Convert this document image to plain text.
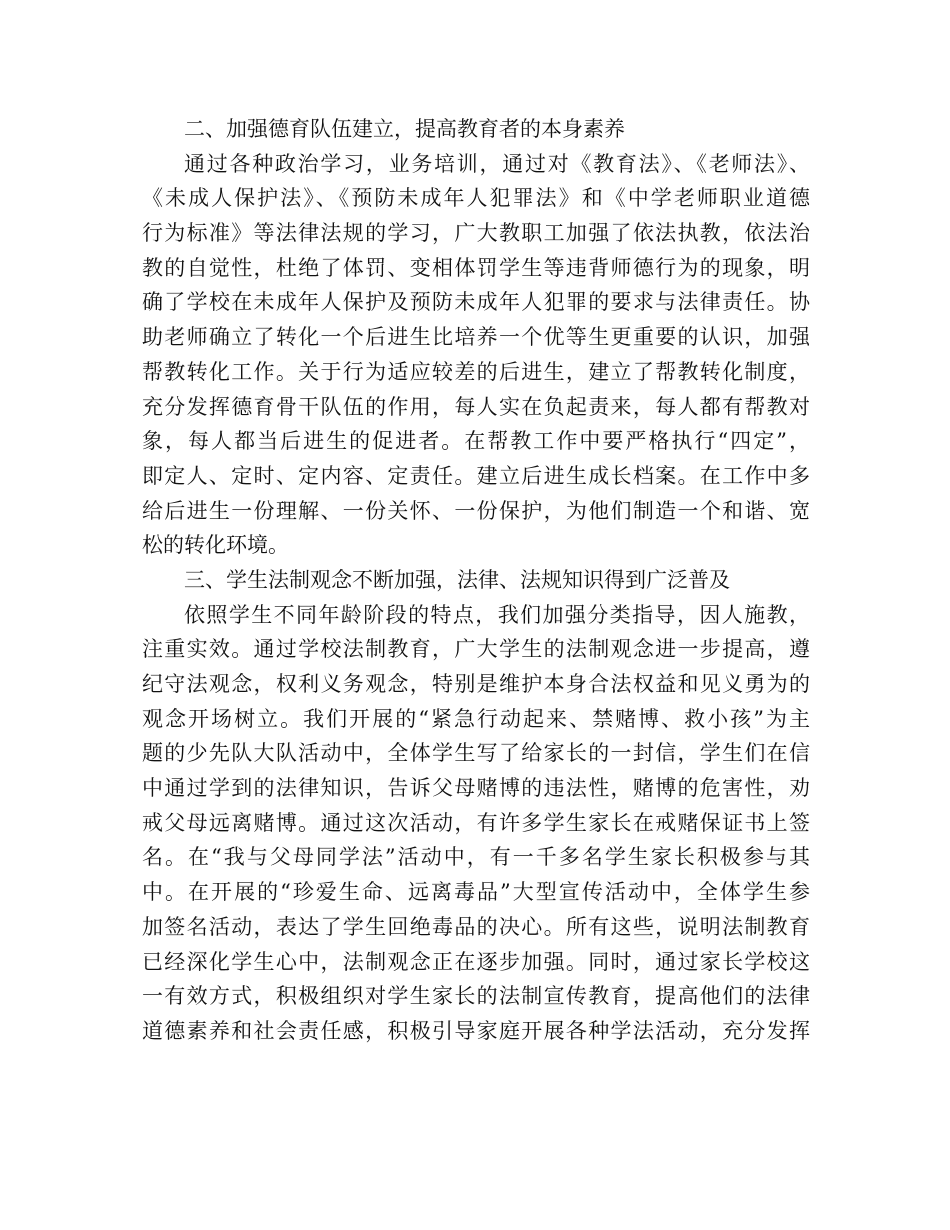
二、加强德育队伍建立，提高教育者的本身素养
通过各种政治学习，业务培训，通过对《教育法》、《老师法》、
《未成人保护法》、《预防未成年人犯罪法》和《中学老师职业道德
行为标准》等法律法规的学习，广大教职工加强了依法执教，依法治
教的自觉性，杜绝了体罚、变相体罚学生等违背师德行为的现象，明
确了学校在未成年人保护及预防未成年人犯罪的要求与法律责任。协
助老师确立了转化一个后进生比培养一个优等生更重要的认识，加强
帮教转化工作。关于行为适应较差的后进生，建立了帮教转化制度，
充分发挥德育骨干队伍的作用，每人实在负起责来，每人都有帮教对
象，每人都当后进生的促进者。在帮教工作中要严格执行“四定”，
即定人、定时、定内容、定责任。建立后进生成长档案。在工作中多
给后进生一份理解、一份关怀、一份保护，为他们制造一个和谐、宽
松的转化环境。
三、学生法制观念不断加强，法律、法规知识得到广泛普及
依照学生不同年龄阶段的特点，我们加强分类指导，因人施教，
注重实效。通过学校法制教育，广大学生的法制观念进一步提高，遵
纪守法观念，权利义务观念，特别是维护本身合法权益和见义勇为的
观念开场树立。我们开展的“紧急行动起来、禁赌博、救小孩”为主
题的少先队大队活动中，全体学生写了给家长的一封信，学生们在信
中通过学到的法律知识，告诉父母赌博的违法性，赌博的危害性，劝
戒父母远离赌博。通过这次活动，有许多学生家长在戒赌保证书上签
名。在“我与父母同学法”活动中，有一千多名学生家长积极参与其
中。在开展的“珍爱生命、远离毒品”大型宣传活动中，全体学生参
加签名活动，表达了学生回绝毒品的决心。所有这些，说明法制教育
已经深化学生心中，法制观念正在逐步加强。同时，通过家长学校这
一有效方式，积极组织对学生家长的法制宣传教育，提高他们的法律
道德素养和社会责任感，积极引导家庭开展各种学法活动，充分发挥
